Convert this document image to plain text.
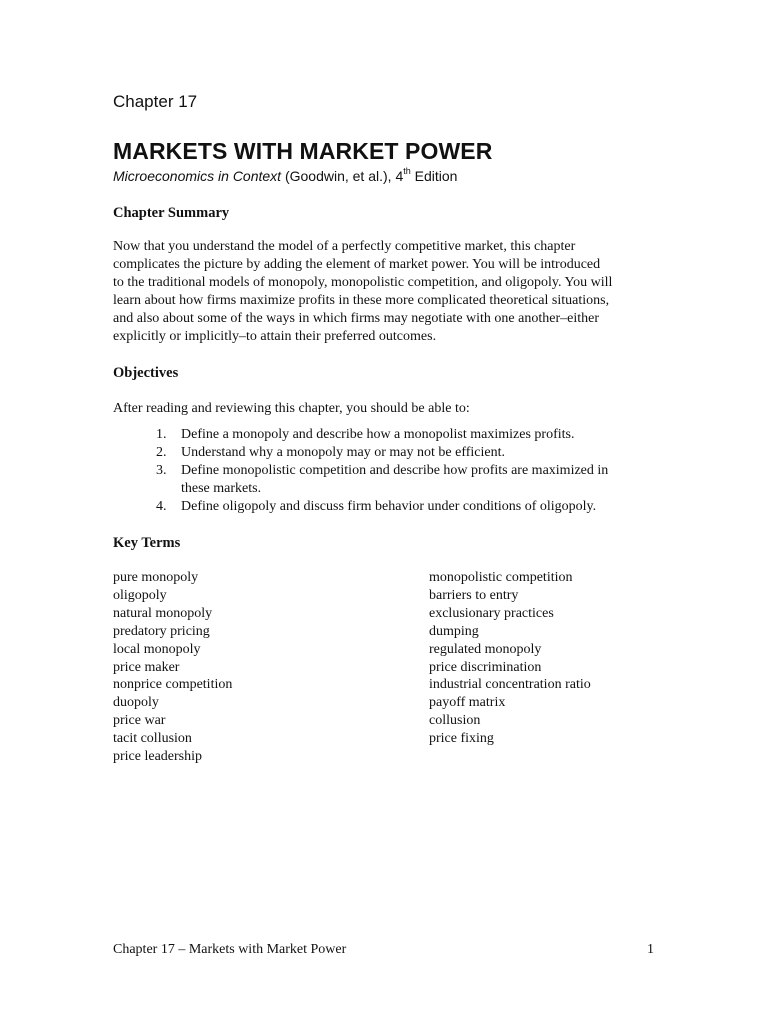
Chapter 17
MARKETS WITH MARKET POWER
Microeconomics in Context (Goodwin, et al.), 4th Edition
Chapter Summary
Now that you understand the model of a perfectly competitive market, this chapter
complicates the picture by adding the element of market power. You will be introduced
to the traditional models of monopoly, monopolistic competition, and oligopoly. You will
learn about how firms maximize profits in these more complicated theoretical situations,
and also about some of the ways in which firms may negotiate with one another–either
explicitly or implicitly–to attain their preferred outcomes.
Objectives
After reading and reviewing this chapter, you should be able to:
1. Define a monopoly and describe how a monopolist maximizes profits.
2. Understand why a monopoly may or may not be efficient.
3. Define monopolistic competition and describe how profits are maximized in
these markets.
4. Define oligopoly and discuss firm behavior under conditions of oligopoly.
Key Terms
pure monopoly
oligopoly
natural monopoly
predatory pricing
local monopoly
price maker
nonprice competition
duopoly
price war
tacit collusion
price leadership
monopolistic competition
barriers to entry
exclusionary practices
dumping
regulated monopoly
price discrimination
industrial concentration ratio
payoff matrix
collusion
price fixing
Chapter 17 – Markets with Market Power	1
